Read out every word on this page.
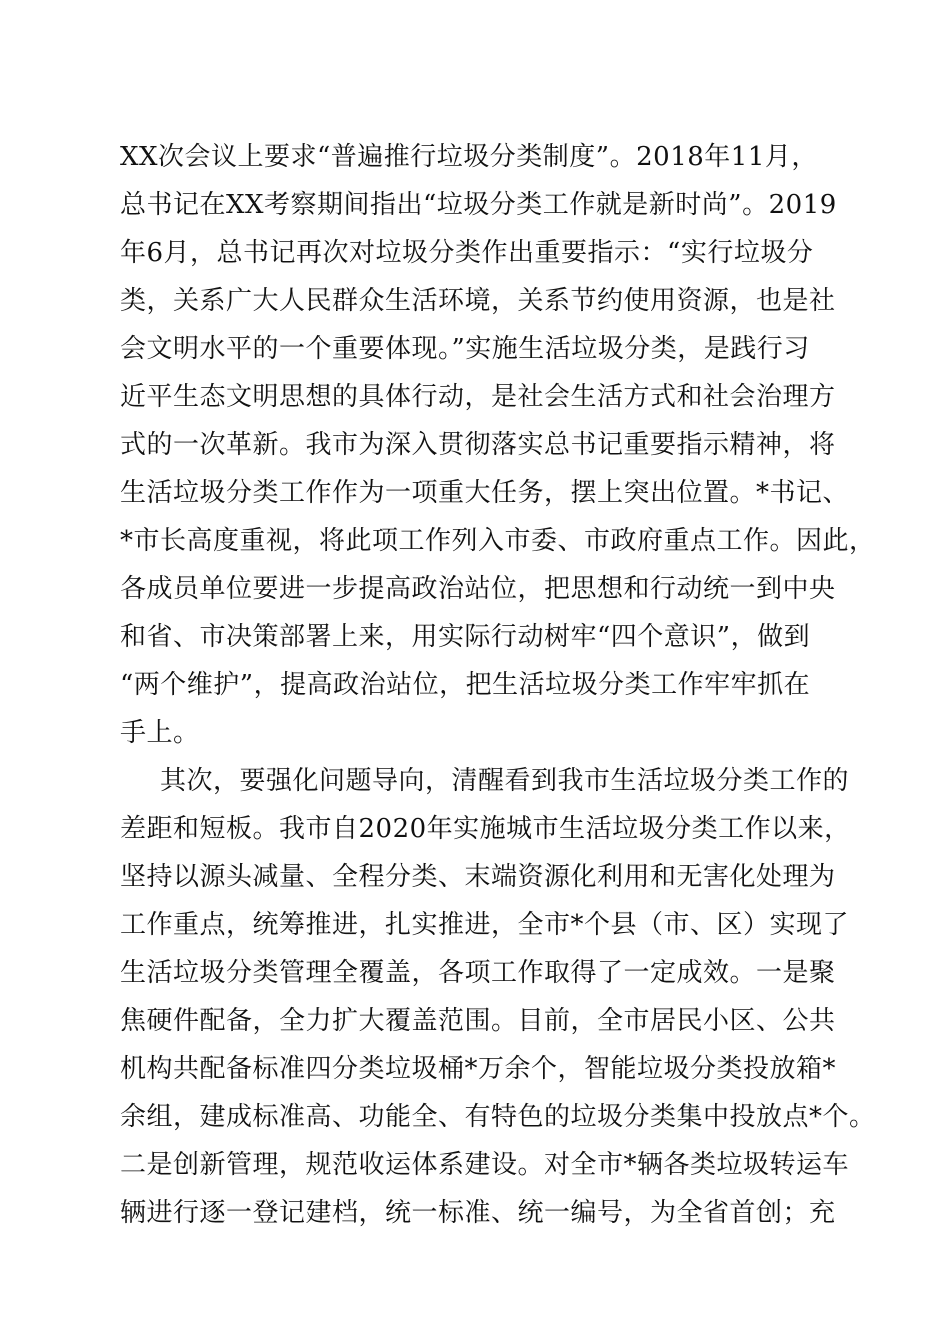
XX次会议上要求“普遍推行垃圾分类制度”。2018年11月，
总书记在XX考察期间指出“垃圾分类工作就是新时尚”。2019
年6月，总书记再次对垃圾分类作出重要指示：“实行垃圾分
类，关系广大人民群众生活环境，关系节约使用资源，也是社
会文明水平的一个重要体现。”实施生活垃圾分类，是践行习
近平生态文明思想的具体行动，是社会生活方式和社会治理方
式的一次革新。我市为深入贯彻落实总书记重要指示精神，将
生活垃圾分类工作作为一项重大任务，摆上突出位置。*书记、
*市长高度重视，将此项工作列入市委、市政府重点工作。因此，
各成员单位要进一步提高政治站位，把思想和行动统一到中央
和省、市决策部署上来，用实际行动树牢“四个意识”，做到
“两个维护”，提高政治站位，把生活垃圾分类工作牢牢抓在
手上。
其次，要强化问题导向，清醒看到我市生活垃圾分类工作的
差距和短板。我市自2020年实施城市生活垃圾分类工作以来，
坚持以源头减量、全程分类、末端资源化利用和无害化处理为
工作重点，统筹推进，扎实推进，全市*个县（市、区）实现了
生活垃圾分类管理全覆盖，各项工作取得了一定成效。一是聚
焦硬件配备，全力扩大覆盖范围。目前，全市居民小区、公共
机构共配备标准四分类垃圾桶*万余个，智能垃圾分类投放箱*
余组，建成标准高、功能全、有特色的垃圾分类集中投放点*个。
二是创新管理，规范收运体系建设。对全市*辆各类垃圾转运车
辆进行逐一登记建档，统一标准、统一编号，为全省首创；充
